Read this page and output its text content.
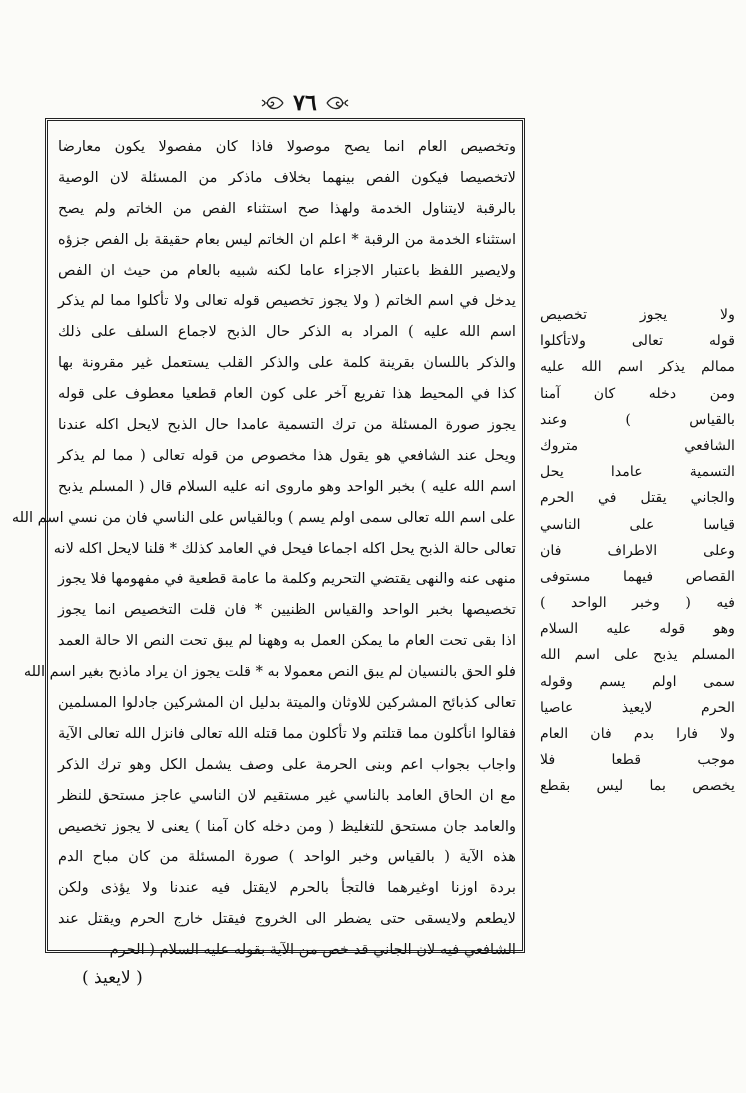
٧٦
وتخصيص العام انما يصح موصولا فاذا كان مفصولا يكون معارضا
لاتخصيصا فيكون الفص بينهما بخلاف ماذكر من المسئلة لان الوصية
بالرقبة لايتناول الخدمة ولهذا صح استثناء الفص من الخاتم ولم يصح
استثناء الخدمة من الرقبة * اعلم ان الخاتم ليس بعام حقيقة بل الفص جزؤه
ولايصير اللفظ باعتبار الاجزاء عاما لكنه شبيه بالعام من حيث ان الفص
يدخل في اسم الخاتم ( ولا يجوز تخصيص قوله تعالى ولا تأكلوا مما لم يذكر
اسم الله عليه ) المراد به الذكر حال الذبح لاجماع السلف على ذلك
والذكر باللسان بقرينة كلمة على والذكر القلب يستعمل غير مقرونة بها
كذا في المحيط هذا تفريع آخر على كون العام قطعيا معطوف على قوله
يجوز صورة المسئلة من ترك التسمية عامدا حال الذبح لايحل اكله عندنا
ويحل عند الشافعي هو يقول هذا مخصوص من قوله تعالى ( مما لم يذكر
اسم الله عليه ) بخبر الواحد وهو ماروى انه عليه السلام قال ( المسلم يذبح
على اسم الله تعالى سمى اولم يسم ) وبالقياس على الناسي فان من نسي اسم الله
تعالى حالة الذبح يحل اكله اجماعا فيحل في العامد كذلك * قلنا لايحل اكله لانه
منهى عنه والنهى يقتضي التحريم وكلمة ما عامة قطعية في مفهومها فلا يجوز
تخصيصها بخبر الواحد والقياس الظنيين * فان قلت التخصيص انما يجوز
اذا بقى تحت العام ما يمكن العمل به وههنا لم يبق تحت النص الا حالة العمد
فلو الحق بالنسيان لم يبق النص معمولا به * قلت يجوز ان يراد ماذبح بغير اسم الله
تعالى كذبائح المشركين للاوثان والميتة بدليل ان المشركين جادلوا المسلمين
فقالوا انأكلون مما قتلتم ولا تأكلون مما قتله الله تعالى فانزل الله تعالى الآية
واجاب بجواب اعم وبنى الحرمة على وصف يشمل الكل وهو ترك الذكر
مع ان الحاق العامد بالناسي غير مستقيم لان الناسي عاجز مستحق للنظر
والعامد جان مستحق للتغليظ ( ومن دخله كان آمنا ) يعنى لا يجوز تخصيص
هذه الآية ( بالقياس وخبر الواحد ) صورة المسئلة من كان مباح الدم
بردة اوزنا اوغيرهما فالتجأ بالحرم لايقتل فيه عندنا ولا يؤذى ولكن
لايطعم ولايسقى حتى يضطر الى الخروج فيقتل خارج الحرم ويقتل عند
الشافعي فيه لان الجاني قد خص من الآية بقوله عليه السلام ( الحرم
ولا يجوز تخصيص
قوله تعالى ولاتأكلوا
ممالم يذكر اسم الله عليه
ومن دخله كان آمنا
بالقياس ) وعند
الشافعي متروك
التسمية عامدا يحل
والجاني يقتل في الحرم
قياسا على الناسي
وعلى الاطراف فان
القصاص فيهما مستوفى
فيه ( وخبر الواحد )
وهو قوله عليه السلام
المسلم يذبح على اسم الله
سمى اولم يسم وقوله
الحرم لايعيذ عاصيا
ولا فارا بدم فان العام
موجب قطعا فلا
يخصص بما ليس بقطع
( لايعيذ )
